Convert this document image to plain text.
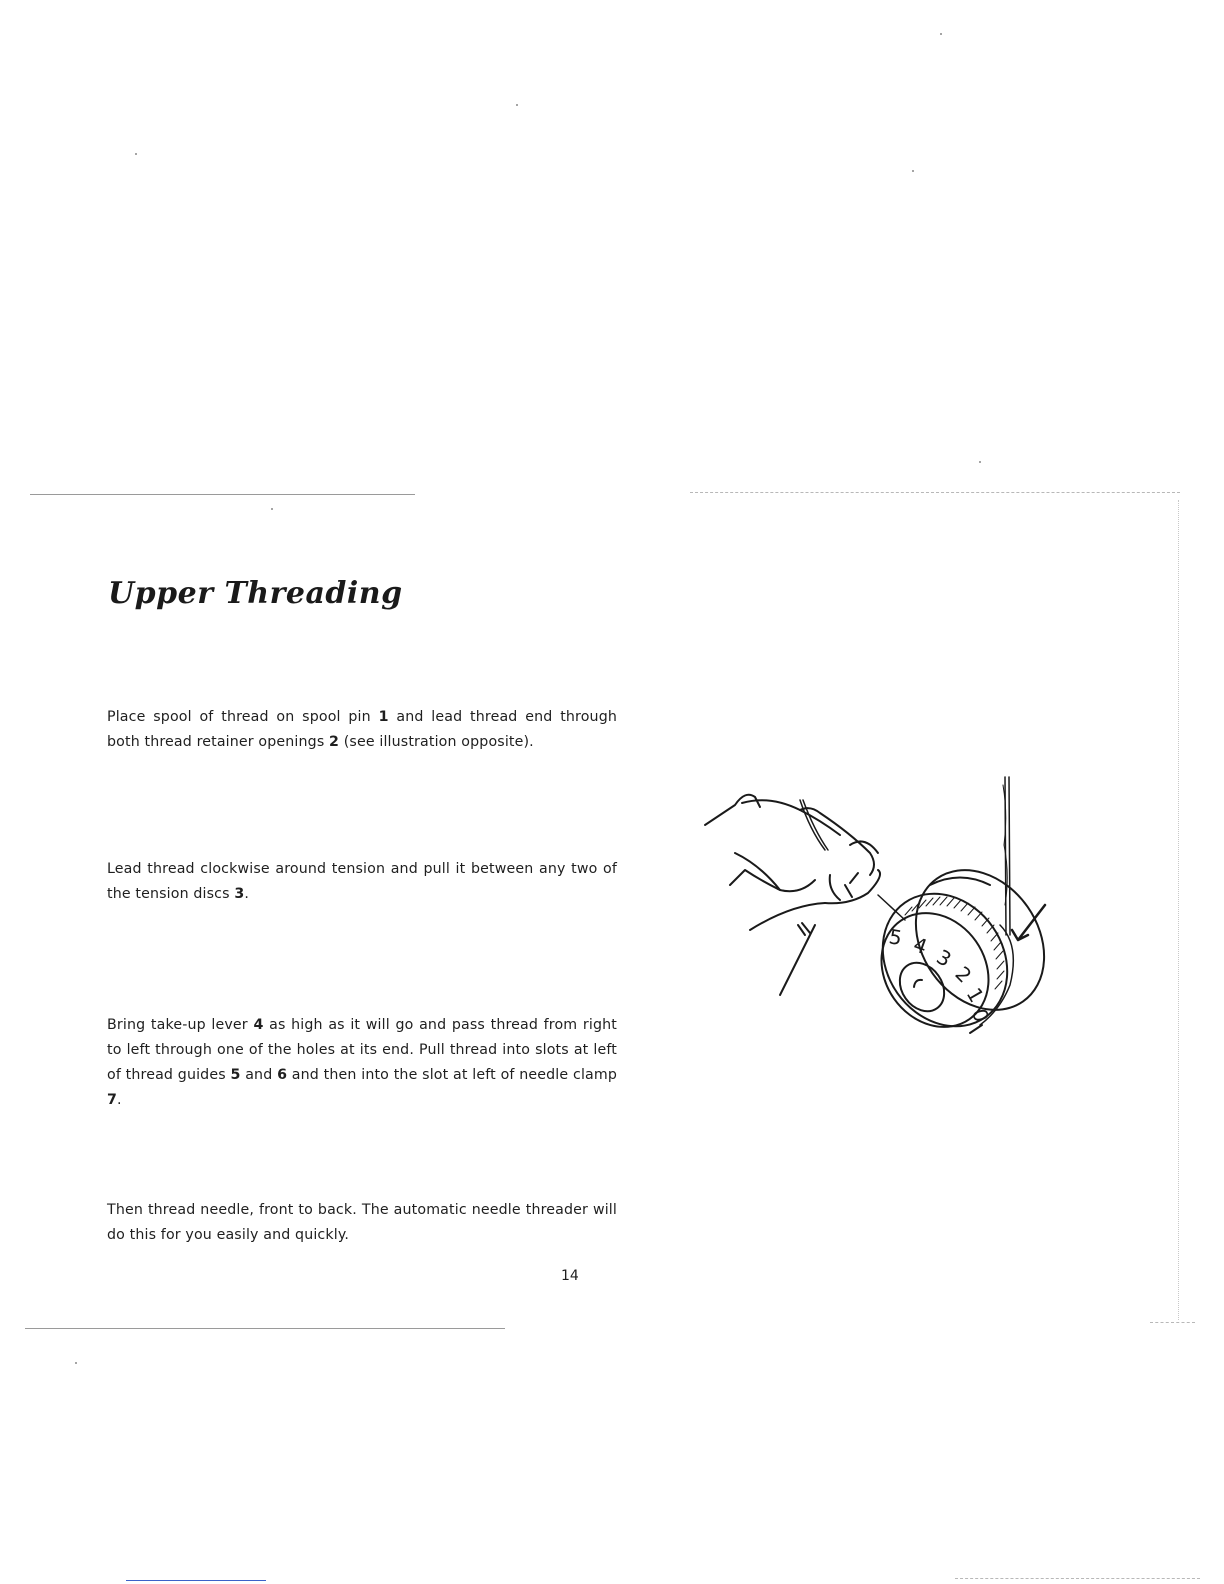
Upper Threading

Place spool of thread on spool pin 1 and lead thread end through both thread retainer openings 2 (see illustration opposite).

Lead thread clockwise around tension and pull it between any two of the tension discs 3.

Bring take-up lever 4 as high as it will go and pass thread from right to left through one of the holes at its end. Pull thread into slots at left of thread guides 5 and 6 and then into the slot at left of needle clamp 7.

Then thread needle, front to back. The automatic needle threader will do this for you easily and quickly.

5 4 3
2
1
0
14
